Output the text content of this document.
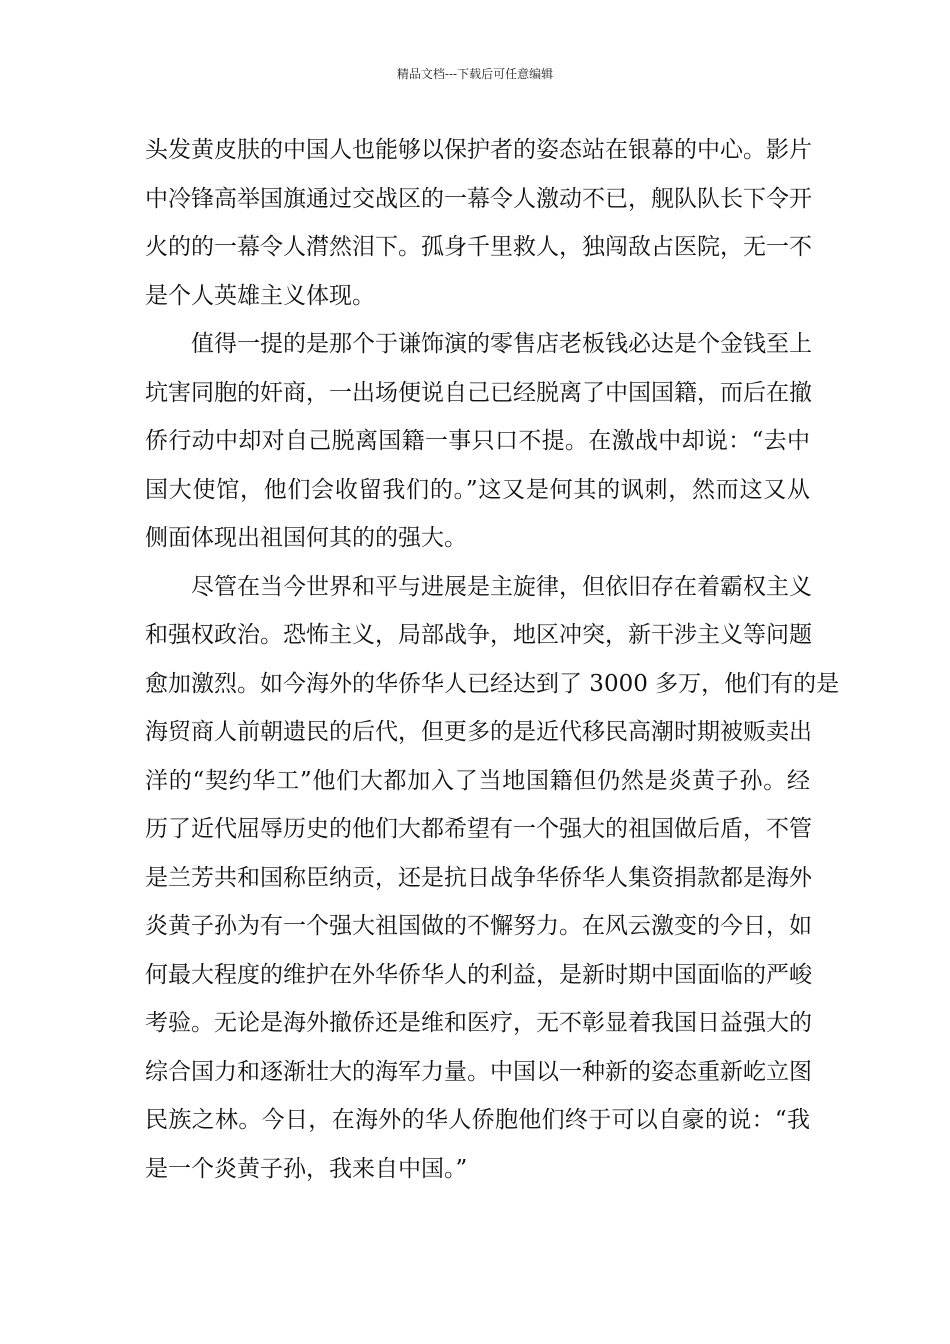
精品文档---下载后可任意编辑
头发黄皮肤的中国人也能够以保护者的姿态站在银幕的中心。影片
中冷锋高举国旗通过交战区的一幕令人激动不已，舰队队长下令开
火的的一幕令人潸然泪下。孤身千里救人，独闯敌占医院，无一不
是个人英雄主义体现。
值得一提的是那个于谦饰演的零售店老板钱必达是个金钱至上
坑害同胞的奸商，一出场便说自己已经脱离了中国国籍，而后在撤
侨行动中却对自己脱离国籍一事只口不提。在激战中却说：“去中
国大使馆，他们会收留我们的。”这又是何其的讽刺，然而这又从
侧面体现出祖国何其的的强大。
尽管在当今世界和平与进展是主旋律，但依旧存在着霸权主义
和强权政治。恐怖主义，局部战争，地区冲突，新干涉主义等问题
愈加激烈。如今海外的华侨华人已经达到了 3000 多万，他们有的是
海贸商人前朝遗民的后代，但更多的是近代移民高潮时期被贩卖出
洋的“契约华工”他们大都加入了当地国籍但仍然是炎黄子孙。经
历了近代屈辱历史的他们大都希望有一个强大的祖国做后盾，不管
是兰芳共和国称臣纳贡，还是抗日战争华侨华人集资捐款都是海外
炎黄子孙为有一个强大祖国做的不懈努力。在风云激变的今日，如
何最大程度的维护在外华侨华人的利益，是新时期中国面临的严峻
考验。无论是海外撤侨还是维和医疗，无不彰显着我国日益强大的
综合国力和逐渐壮大的海军力量。中国以一种新的姿态重新屹立图
民族之林。今日，在海外的华人侨胞他们终于可以自豪的说：“我
是一个炎黄子孙，我来自中国。”
